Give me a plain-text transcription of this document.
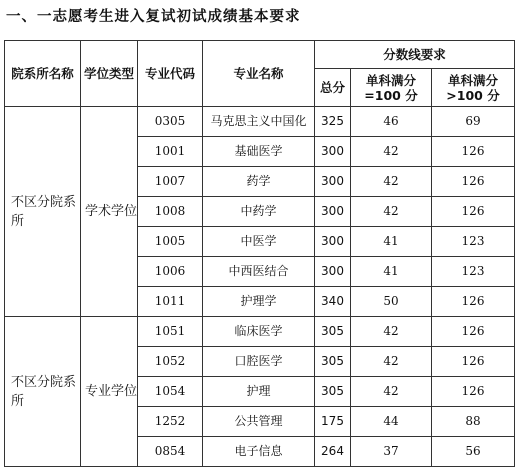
一、一志愿考生进入复试初试成绩基本要求
院系所名称	学位类型	专业代码	专业名称	分数线要求		
				总分	单科满分=100 分	单科满分>100 分
不区分院系所	学术学位	0305	马克思主义中国化	325	46	69
		1001	基础医学	300	42	126
		1007	药学	300	42	126
		1008	中药学	300	42	126
		1005	中医学	300	41	123
		1006	中西医结合	300	41	123
		1011	护理学	340	50	126
不区分院系所	专业学位	1051	临床医学	305	42	126
		1052	口腔医学	305	42	126
		1054	护理	305	42	126
		1252	公共管理	175	44	88
		0854	电子信息	264	37	56
